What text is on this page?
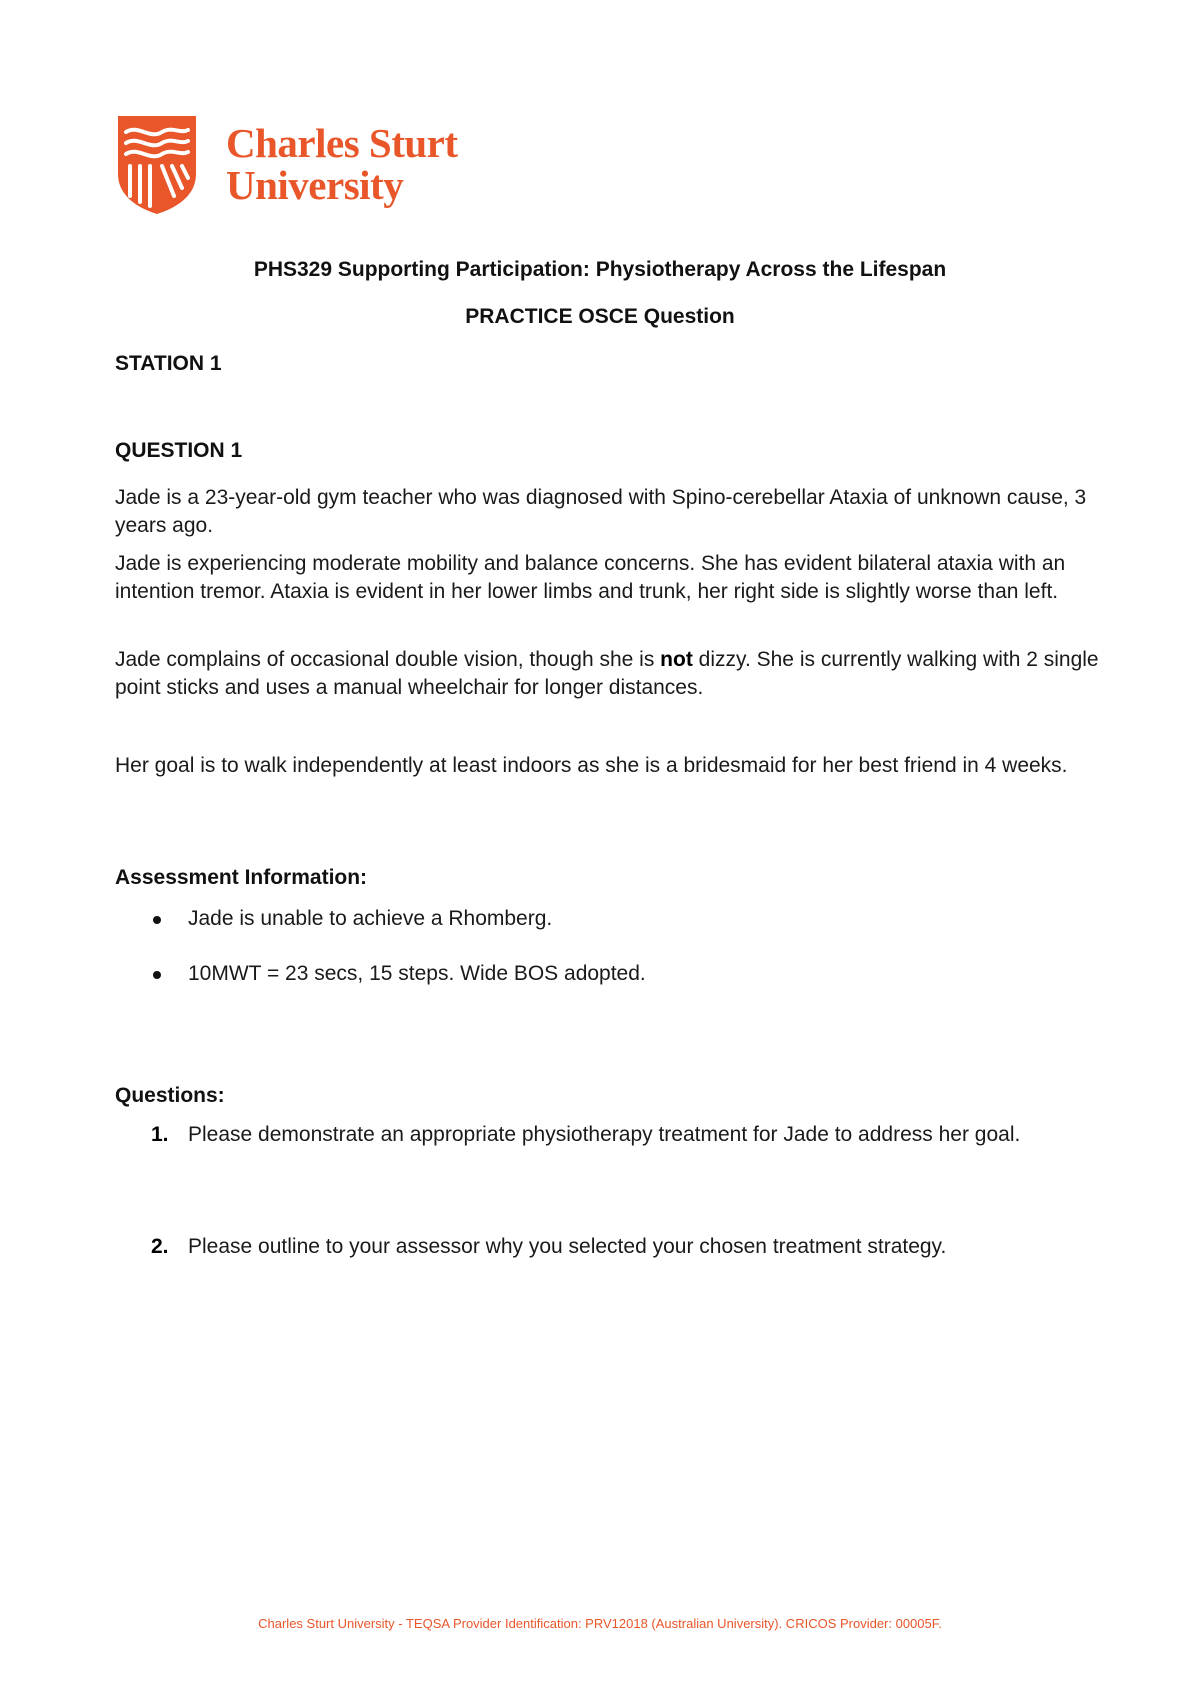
Charles Sturt
University
PHS329 Supporting Participation: Physiotherapy Across the Lifespan
PRACTICE OSCE Question
STATION 1
QUESTION 1
Jade is a 23-year-old gym teacher who was diagnosed with Spino-cerebellar Ataxia of unknown cause, 3 years ago.
Jade is experiencing moderate mobility and balance concerns. She has evident bilateral ataxia with an intention tremor. Ataxia is evident in her lower limbs and trunk, her right side is slightly worse than left.
Jade complains of occasional double vision, though she is not dizzy. She is currently walking with 2 single point sticks and uses a manual wheelchair for longer distances.
Her goal is to walk independently at least indoors as she is a bridesmaid for her best friend in 4 weeks.
Assessment Information:
Jade is unable to achieve a Rhomberg.
10MWT = 23 secs, 15 steps. Wide BOS adopted.
Questions:
1. Please demonstrate an appropriate physiotherapy treatment for Jade to address her goal.
2. Please outline to your assessor why you selected your chosen treatment strategy.
Charles Sturt University - TEQSA Provider Identification: PRV12018 (Australian University). CRICOS Provider: 00005F.
